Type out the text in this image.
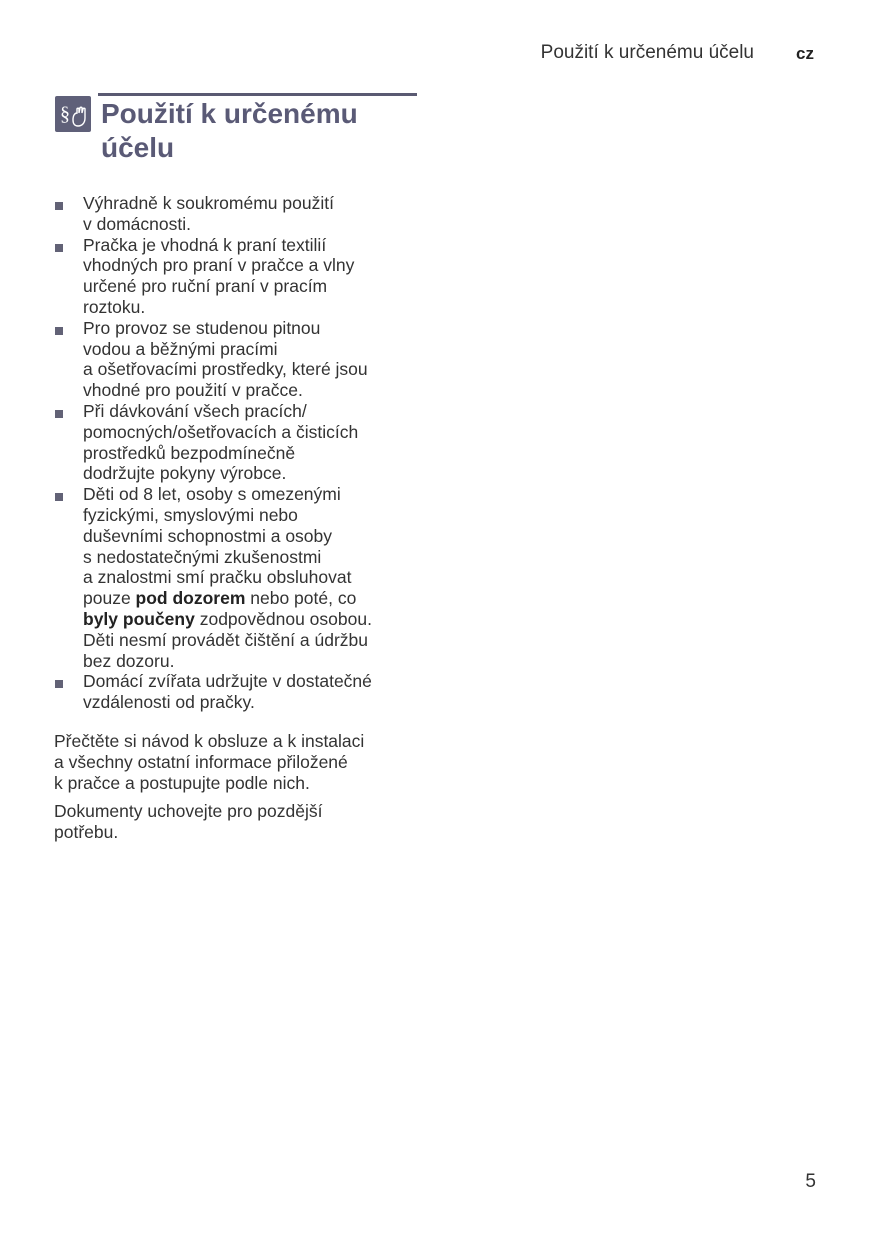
Použití k určenému účelu cz
§ Použití k určenému účelu
Výhradně k soukromému použití
v domácnosti.
Pračka je vhodná k praní textilií
vhodných pro praní v pračce a vlny
určené pro ruční praní v pracím
roztoku.
Pro provoz se studenou pitnou
vodou a běžnými pracími
a ošetřovacími prostředky, které jsou
vhodné pro použití v pračce.
Při dávkování všech pracích/
pomocných/ošetřovacích a čisticích
prostředků bezpodmínečně
dodržujte pokyny výrobce.
Děti od 8 let, osoby s omezenými
fyzickými, smyslovými nebo
duševními schopnostmi a osoby
s nedostatečnými zkušenostmi
a znalostmi smí pračku obsluhovat
pouze pod dozorem nebo poté, co
byly poučeny zodpovědnou osobou.
Děti nesmí provádět čištění a údržbu
bez dozoru.
Domácí zvířata udržujte v dostatečné
vzdálenosti od pračky.

Přečtěte si návod k obsluze a k instalaci
a všechny ostatní informace přiložené
k pračce a postupujte podle nich.

Dokumenty uchovejte pro pozdější
potřebu.

5
